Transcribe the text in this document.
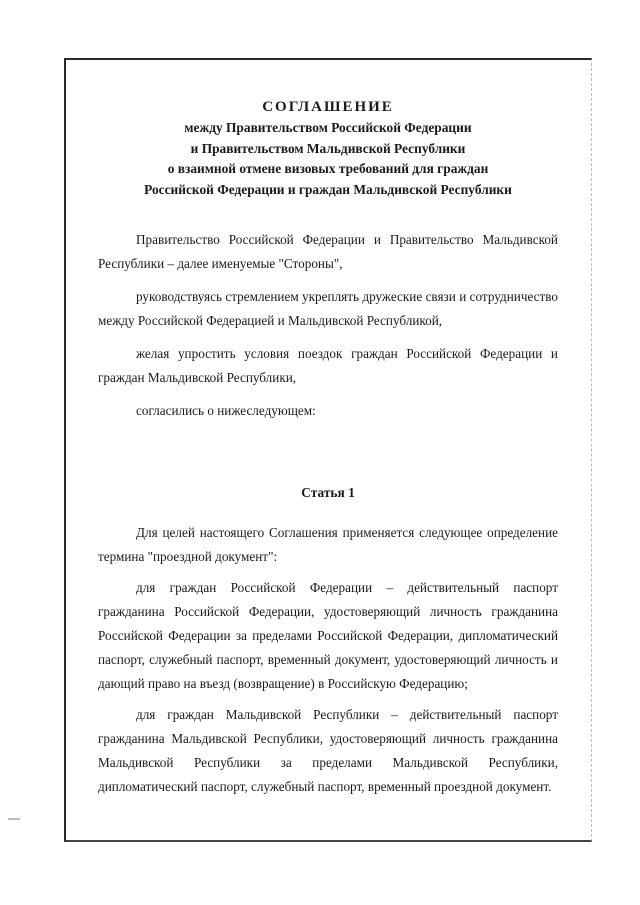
СОГЛАШЕНИЕ
между Правительством Российской Федерации
и Правительством Мальдивской Республики
о взаимной отмене визовых требований для граждан
Российской Федерации и граждан Мальдивской Республики

Правительство Российской Федерации и Правительство Мальдивской Республики – далее именуемые "Стороны",

руководствуясь стремлением укреплять дружеские связи и сотрудничество между Российской Федерацией и Мальдивской Республикой,

желая упростить условия поездок граждан Российской Федерации и граждан Мальдивской Республики,

согласились о нижеследующем:

Статья 1

Для целей настоящего Соглашения применяется следующее определение термина "проездной документ":

для граждан Российской Федерации – действительный паспорт гражданина Российской Федерации, удостоверяющий личность гражданина Российской Федерации за пределами Российской Федерации, дипломатический паспорт, служебный паспорт, временный документ, удостоверяющий личность и дающий право на въезд (возвращение) в Российскую Федерацию;

для граждан Мальдивской Республики – действительный паспорт гражданина Мальдивской Республики, удостоверяющий личность гражданина Мальдивской Республики за пределами Мальдивской Республики, дипломатический паспорт, служебный паспорт, временный проездной документ.
